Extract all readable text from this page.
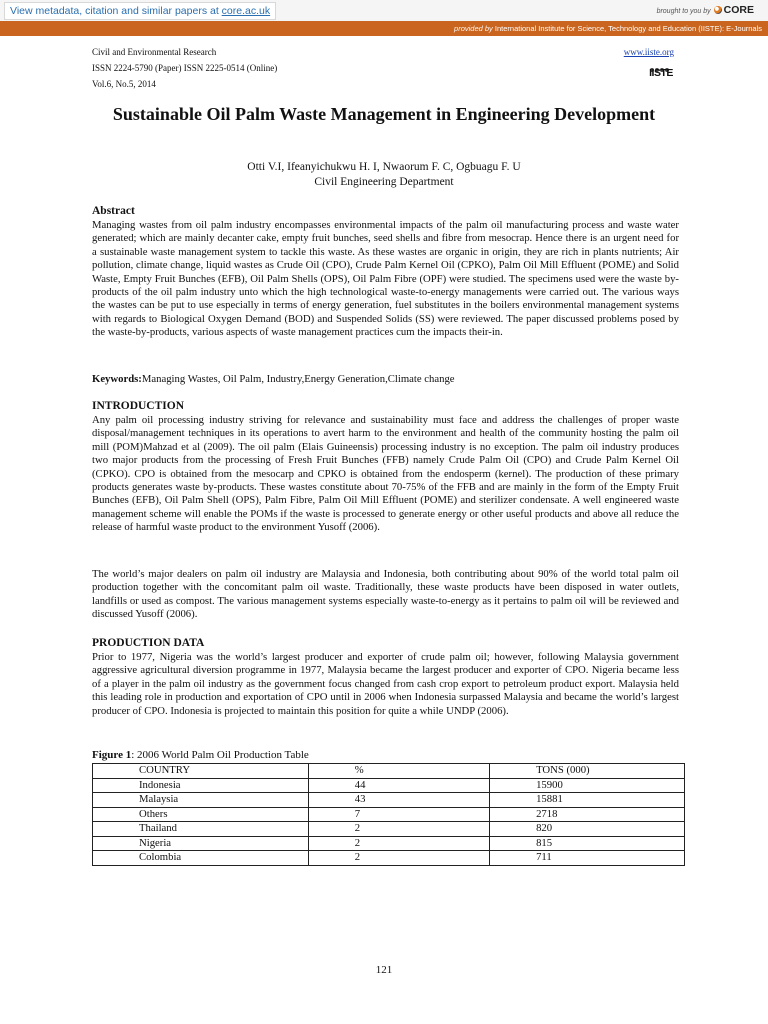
View metadata, citation and similar papers at core.ac.uk	brought to you by CORE
provided by International Institute for Science, Technology and Education (IISTE): E-Journals
Civil and Environmental Research
ISSN 2224-5790 (Paper) ISSN 2225-0514 (Online)
Vol.6, No.5, 2014
www.iiste.org
IISTE
Sustainable Oil Palm Waste Management in Engineering Development
Otti V.I, Ifeanyichukwu H. I, Nwaorum F. C, Ogbuagu F. U
Civil Engineering Department
Abstract

Managing wastes from oil palm industry encompasses environmental impacts of the palm oil manufacturing process and waste water generated; which are mainly decanter cake, empty fruit bunches, seed shells and fibre from mesocrap. Hence there is an urgent need for a sustainable waste management system to tackle this waste. As these wastes are organic in origin, they are rich in plants nutrients; Air pollution, climate change, liquid wastes as Crude Oil (CPO), Crude Palm Kernel Oil (CPKO), Palm Oil Mill Effluent (POME) and Solid Waste, Empty Fruit Bunches (EFB), Oil Palm Shells (OPS), Oil Palm Fibre (OPF) were studied. The specimens used were the waste by-products of the oil palm industry unto which the high technological waste-to-energy managements were carried out. The various ways the wastes can be put to use especially in terms of energy generation, fuel substitutes in the boilers environmental management systems with regards to Biological Oxygen Demand (BOD) and Suspended Solids (SS) were reviewed. The paper discussed problems posed by the waste-by-products, various aspects of waste management practices cum the impacts their-in.

Keywords:Managing Wastes, Oil Palm, Industry,Energy Generation,Climate change

INTRODUCTION

Any palm oil processing industry striving for relevance and sustainability must face and address the challenges of proper waste disposal/management techniques in its operations to avert harm to the environment and health of the community hosting the palm oil mill (POM)Mahzad et al (2009). The oil palm (Elais Guineensis) processing industry is no exception. The palm oil industry produces two major products from the processing of Fresh Fruit Bunches (FFB) namely Crude Palm Oil (CPO) and Crude Palm Kernel Oil (CPKO). CPO is obtained from the mesocarp and CPKO is obtained from the endosperm (kernel). The production of these primary products generates waste by-products. These wastes constitute about 70-75% of the FFB and are mainly in the form of the Empty Fruit Bunches (EFB), Oil Palm Shell (OPS), Palm Fibre, Palm Oil Mill Effluent (POME) and sterilizer condensate. A well engineered waste management scheme will enable the POMs if the waste is processed to generate energy or other useful products and above all reduce the release of harmful waste product to the environment Yusoff (2006).

The world’s major dealers on palm oil industry are Malaysia and Indonesia, both contributing about 90% of the world total palm oil production together with the concomitant palm oil waste. Traditionally, these waste products have been disposed in water outlets, landfills or used as compost. The various management systems especially waste-to-energy as it pertains to palm oil will be reviewed and discussed Yusoff (2006).

PRODUCTION DATA

Prior to 1977, Nigeria was the world’s largest producer and exporter of crude palm oil; however, following Malaysia government aggressive agricultural diversion programme in 1977, Malaysia became the largest producer and exporter of CPO. Nigeria became less of a player in the palm oil industry as the government focus changed from cash crop export to petroleum product export. Malaysia held this leading role in production and exportation of CPO until in 2006 when Indonesia surpassed Malaysia and became the world’s largest producer of CPO. Indonesia is projected to maintain this position for quite a while UNDP (2006).

Figure 1: 2006 World Palm Oil Production Table
COUNTRY	%	TONS (000)
Indonesia	44	15900
Malaysia	43	15881
Others	7	2718
Thailand	2	820
Nigeria	2	815
Colombia	2	711
121
